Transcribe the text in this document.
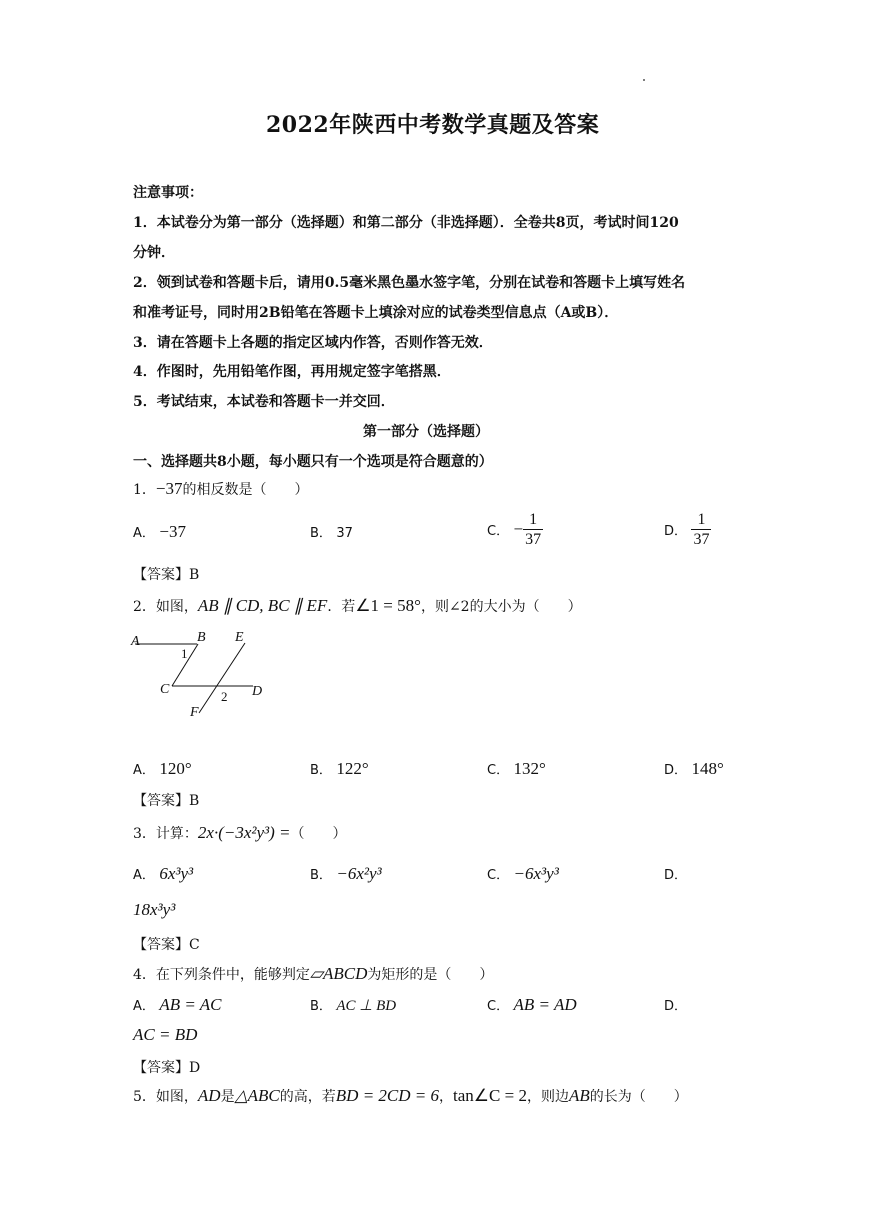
2022年陕西中考数学真题及答案
注意事项：
1．本试卷分为第一部分（选择题）和第二部分（非选择题）．全卷共8页，考试时间120
分钟．
2．领到试卷和答题卡后，请用0.5毫米黑色墨水签字笔，分别在试卷和答题卡上填写姓名
和准考证号，同时用2B铅笔在答题卡上填涂对应的试卷类型信息点（A或B）．
3．请在答题卡上各题的指定区域内作答，否则作答无效．
4．作图时，先用铅笔作图，再用规定签字笔搭黑．
5．考试结束，本试卷和答题卡一并交回．
第一部分（选择题）
一、选择题共8小题，每小题只有一个选项是符合题意的）
1．−37的相反数是（　　）
A． −37	B． 37	C． − $\frac{1}{37}$	D． $\frac{1}{37}$
【答案】B
2．如图，AB ∥ CD, BC ∥ EF．若∠1 = 58°，则∠2的大小为（　　）
A	B E
C	D
F
1
2
A． 120°	B． 122°	C． 132°	D． 148°
【答案】B
3．计算：2x·(−3x²y³) =（　　）
A． 6x³y³	B． −6x²y³	C． −6x³y³	D．
18x³y³
【答案】C
4．在下列条件中，能够判定▱ABCD为矩形的是（　　）
A． AB = AC	B． AC ⊥ BD	C． AB = AD	D．
AC = BD
【答案】D
5．如图，AD是△ABC的高，若BD = 2CD = 6，tan∠C = 2，则边AB的长为（　　）
